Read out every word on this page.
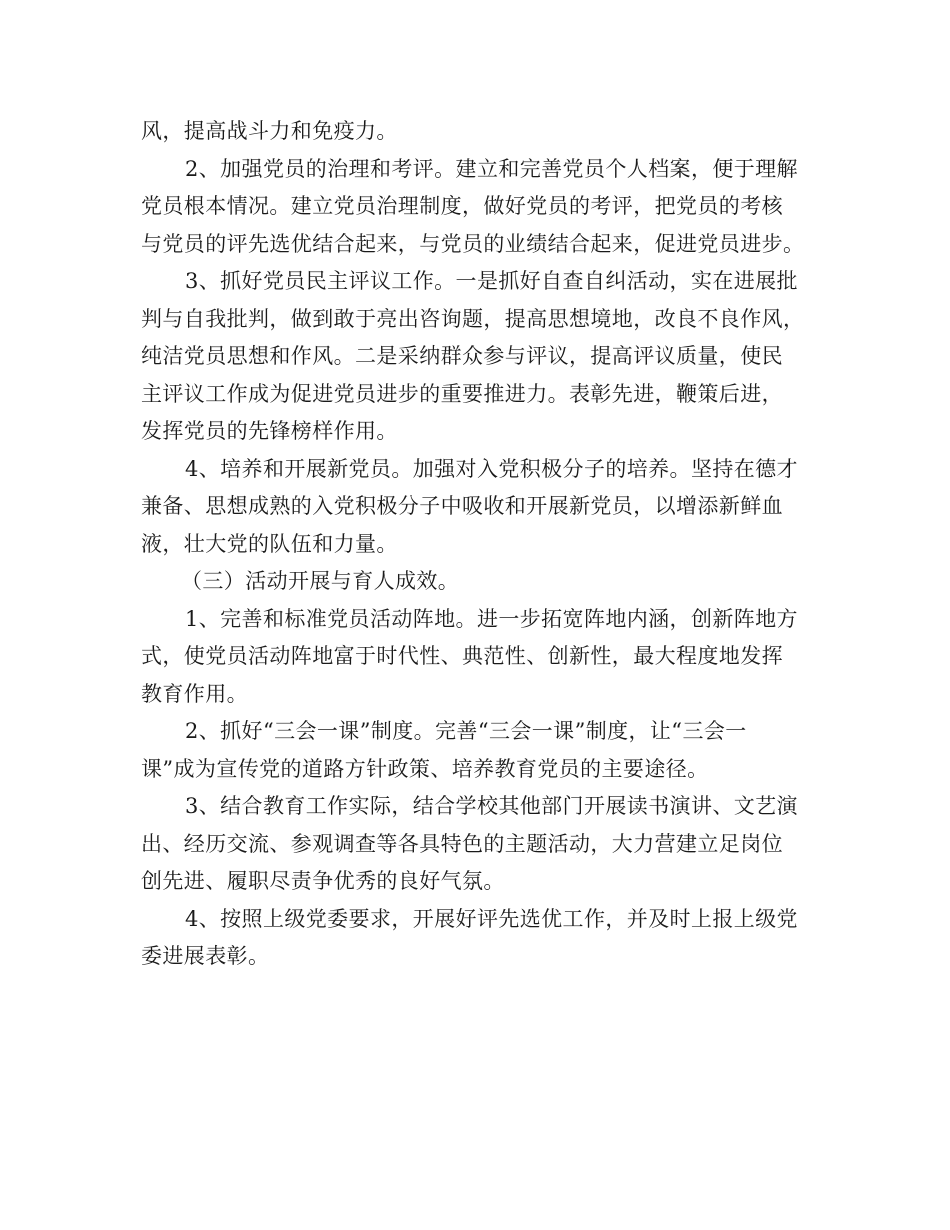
风，提高战斗力和免疫力。
2、加强党员的治理和考评。建立和完善党员个人档案，便于理解
党员根本情况。建立党员治理制度，做好党员的考评，把党员的考核
与党员的评先选优结合起来，与党员的业绩结合起来，促进党员进步。
3、抓好党员民主评议工作。一是抓好自查自纠活动，实在进展批
判与自我批判，做到敢于亮出咨询题，提高思想境地，改良不良作风，
纯洁党员思想和作风。二是采纳群众参与评议，提高评议质量，使民
主评议工作成为促进党员进步的重要推进力。表彰先进，鞭策后进，
发挥党员的先锋榜样作用。
4、培养和开展新党员。加强对入党积极分子的培养。坚持在德才
兼备、思想成熟的入党积极分子中吸收和开展新党员，以增添新鲜血
液，壮大党的队伍和力量。
（三）活动开展与育人成效。
1、完善和标准党员活动阵地。进一步拓宽阵地内涵，创新阵地方
式，使党员活动阵地富于时代性、典范性、创新性，最大程度地发挥
教育作用。
2、抓好“三会一课”制度。完善“三会一课”制度，让“三会一
课”成为宣传党的道路方针政策、培养教育党员的主要途径。
3、结合教育工作实际，结合学校其他部门开展读书演讲、文艺演
出、经历交流、参观调查等各具特色的主题活动，大力营建立足岗位
创先进、履职尽责争优秀的良好气氛。
4、按照上级党委要求，开展好评先选优工作，并及时上报上级党
委进展表彰。
